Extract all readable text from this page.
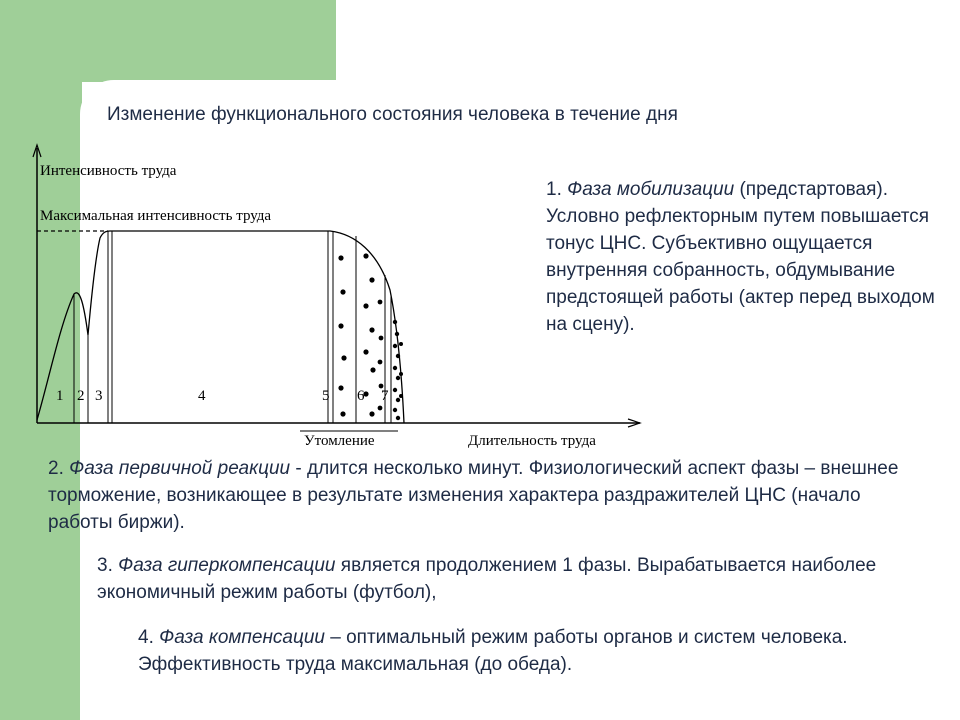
Изменение функционального состояния человека в течение дня
Интенсивность труда
Максимальная интенсивность труда
Длительность труда
Утомление
1 2 3	4	5 6 7
1. Фаза мобилизации (предстартовая). Условно рефлекторным путем повышается тонус ЦНС. Субъективно ощущается внутренняя собранность, обдумывание предстоящей работы (актер перед выходом на сцену).
2. Фаза первичной реакции - длится несколько минут. Физиологический аспект фазы – внешнее торможение, возникающее в результате изменения характера раздражителей ЦНС (начало работы биржи).
3. Фаза гиперкомпенсации является продолжением 1 фазы. Вырабатывается наиболее экономичный режим работы (футбол),
4. Фаза компенсации – оптимальный режим работы органов и систем человека. Эффективность труда максимальная (до обеда).
